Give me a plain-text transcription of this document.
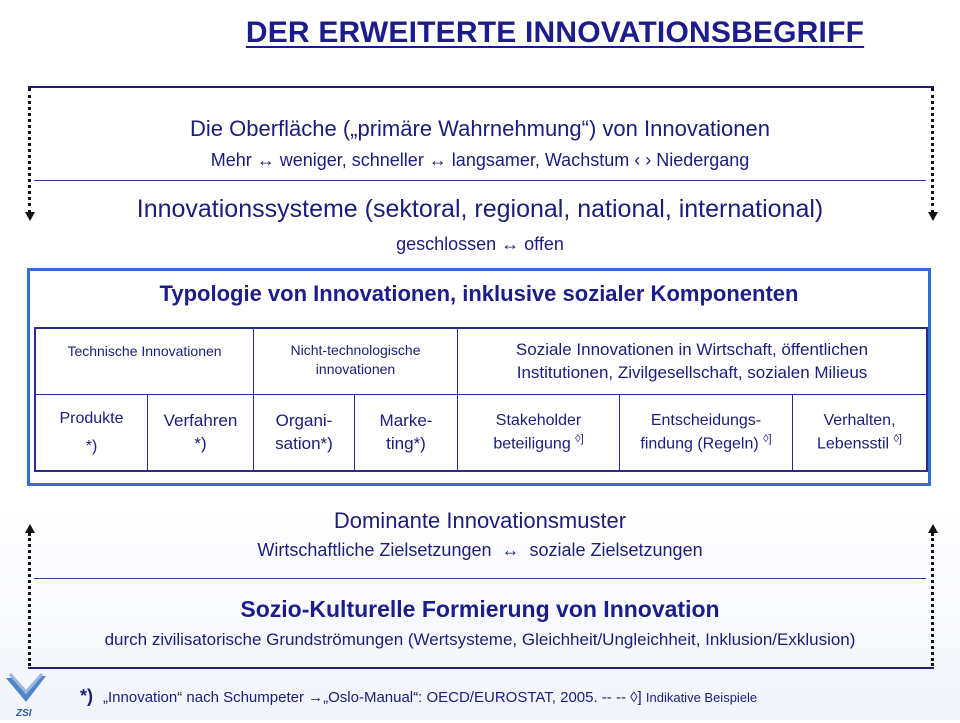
DER ERWEITERTE INNOVATIONSBEGRIFF
Die Oberfläche („primäre Wahrnehmung“) von Innovationen
Mehr ↔ weniger, schneller ↔ langsamer, Wachstum ‹ › Niedergang
Innovationssysteme (sektoral, regional, national, international)
geschlossen ↔ offen
Typologie von Innovationen, inklusive sozialer Komponenten
Technische Innovationen	Nicht-technologische innovationen
Soziale Innovationen in Wirtschaft, öffentlichen Institutionen, Zivilgesellschaft, sozialen Milieus
Produkte
*)
Verfahren
*)
Organi-
sation*)
Marke-
ting*)
Stakeholder
beteiligung ◊]
Entscheidungs-
findung (Regeln) ◊]
Verhalten,
Lebensstil ◊]
Dominante Innovationsmuster
Wirtschaftliche Zielsetzungen  ↔  soziale Zielsetzungen
Sozio-Kulturelle Formierung von Innovation
durch zivilisatorische Grundströmungen (Wertsysteme, Gleichheit/Ungleichheit, Inklusion/Exklusion)
ZSI
*) „Innovation“ nach Schumpeter →„Oslo-Manual“: OECD/EUROSTAT, 2005. -- -- ◊] Indikative Beispiele
